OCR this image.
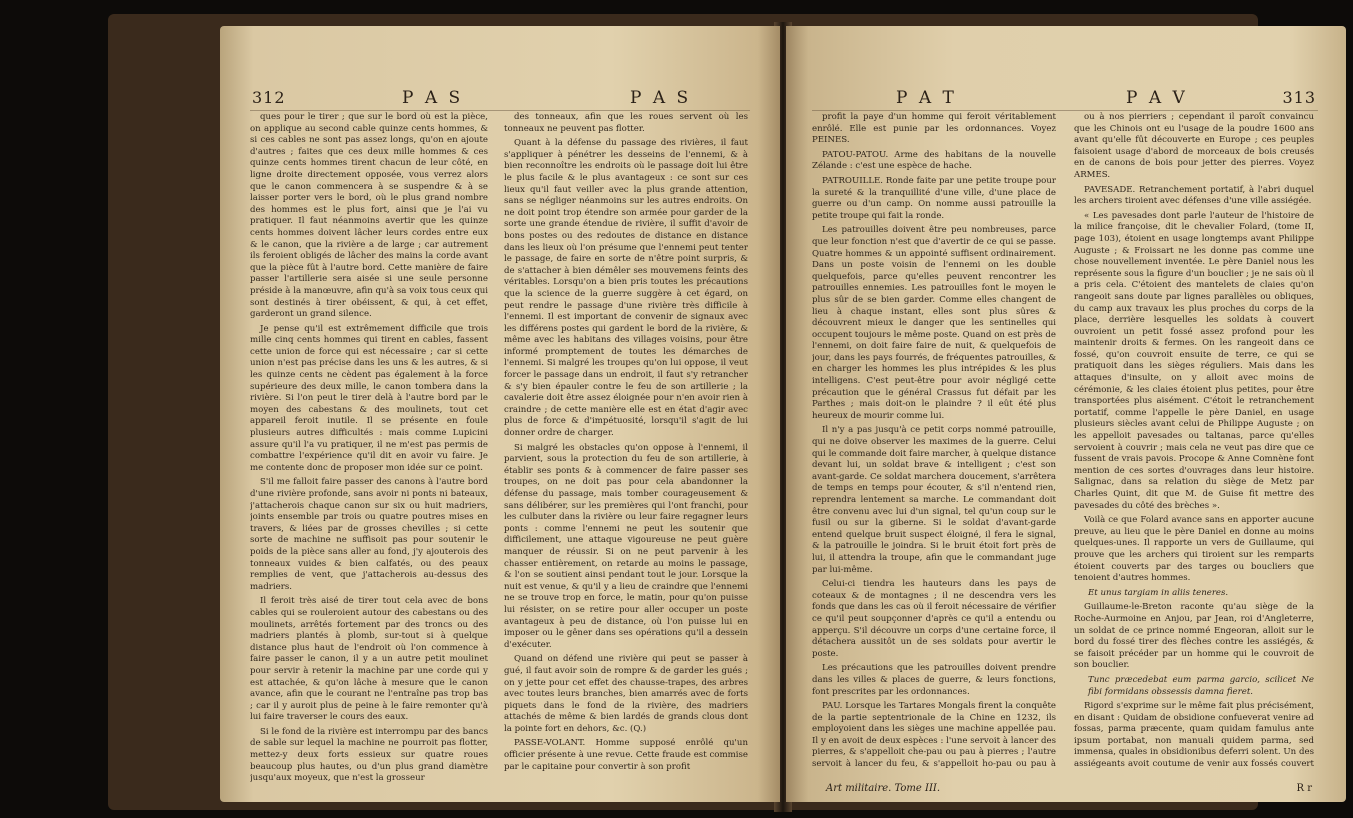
312	P A S	P A S

ques pour le tirer ; que sur le bord où est la pièce, on applique au second cable quinze cents hommes, & si ces cables ne sont pas assez longs, qu'on en ajoute d'autres ; faites que ces deux mille hommes & ces quinze cents hommes tirent chacun de leur côté, en ligne droite directement opposée, vous verrez alors que le canon commencera à se suspendre & à se laisser porter vers le bord, où le plus grand nombre des hommes est le plus fort, ainsi que je l'ai vu pratiquer. Il faut néanmoins avertir que les quinze cents hommes doivent lâcher leurs cordes entre eux & le canon, que la rivière a de large ; car autrement ils feroient obligés de lâcher des mains la corde avant que la pièce fût à l'autre bord. Cette manière de faire passer l'artillerie sera aisée si une seule personne préside à la manœuvre, afin qu'à sa voix tous ceux qui sont destinés à tirer obéissent, & qui, à cet effet, garderont un grand silence.

Je pense qu'il est extrêmement difficile que trois mille cinq cents hommes qui tirent en cables, fassent cette union de force qui est nécessaire ; car si cette union n'est pas précise dans les uns & les autres, & si les quinze cents ne cèdent pas également à la force supérieure des deux mille, le canon tombera dans la rivière. Si l'on peut le tirer delà à l'autre bord par le moyen des cabestans & des moulinets, tout cet appareil feroit inutile. Il se présente en foule plusieurs autres difficultés : mais comme Lupicini assure qu'il l'a vu pratiquer, il ne m'est pas permis de combattre l'expérience qu'il dit en avoir vu faire. Je me contente donc de proposer mon idée sur ce point.

S'il me falloit faire passer des canons à l'autre bord d'une rivière profonde, sans avoir ni ponts ni bateaux, j'attacherois chaque canon sur six ou huit madriers, joints ensemble par trois ou quatre poutres mises en travers, & liées par de grosses chevilles ; si cette sorte de machine ne suffisoit pas pour soutenir le poids de la pièce sans aller au fond, j'y ajouterois des tonneaux vuides & bien calfatés, ou des peaux remplies de vent, que j'attacherois au-dessus des madriers.

Il feroit très aisé de tirer tout cela avec de bons cables qui se rouleroient autour des cabestans ou des moulinets, arrêtés fortement par des troncs ou des madriers plantés à plomb, sur-tout si à quelque distance plus haut de l'endroit où l'on commence à faire passer le canon, il y a un autre petit moulinet pour servir à retenir la machine par une corde qui y est attachée, & qu'on lâche à mesure que le canon avance, afin que le courant ne l'entraîne pas trop bas ; car il y auroit plus de peine à le faire remonter qu'à lui faire traverser le cours des eaux.

Si le fond de la rivière est interrompu par des bancs de sable sur lequel la machine ne pourroit pas flotter, mettez-y deux forts essieux sur quatre roues beaucoup plus hautes, ou d'un plus grand diamètre jusqu'aux moyeux, que n'est la grosseur

des tonneaux, afin que les roues servent où les tonneaux ne peuvent pas flotter.

Quant à la défense du passage des rivières, il faut s'appliquer à pénétrer les desseins de l'ennemi, & à bien reconnoître les endroits où le passage doit lui être le plus facile & le plus avantageux : ce sont sur ces lieux qu'il faut veiller avec la plus grande attention, sans se négliger néanmoins sur les autres endroits. On ne doit point trop étendre son armée pour garder de la sorte une grande étendue de rivière, il suffit d'avoir de bons postes ou des redoutes de distance en distance dans les lieux où l'on présume que l'ennemi peut tenter le passage, de faire en sorte de n'être point surpris, & de s'attacher à bien démêler ses mouvemens feints des véritables. Lorsqu'on a bien pris toutes les précautions que la science de la guerre suggère à cet égard, on peut rendre le passage d'une rivière très difficile à l'ennemi. Il est important de convenir de signaux avec les différens postes qui gardent le bord de la rivière, & même avec les habitans des villages voisins, pour être informé promptement de toutes les démarches de l'ennemi. Si malgré les troupes qu'on lui oppose, il veut forcer le passage dans un endroit, il faut s'y retrancher & s'y bien épauler contre le feu de son artillerie ; la cavalerie doit être assez éloignée pour n'en avoir rien à craindre ; de cette manière elle est en état d'agir avec plus de force & d'impétuosité, lorsqu'il s'agit de lui donner ordre de charger.

Si malgré les obstacles qu'on oppose à l'ennemi, il parvient, sous la protection du feu de son artillerie, à établir ses ponts & à commencer de faire passer ses troupes, on ne doit pas pour cela abandonner la défense du passage, mais tomber courageusement & sans délibérer, sur les premières qui l'ont franchi, pour les culbuter dans la rivière ou leur faire regagner leurs ponts : comme l'ennemi ne peut les soutenir que difficilement, une attaque vigoureuse ne peut guère manquer de réussir. Si on ne peut parvenir à les chasser entièrement, on retarde au moins le passage, & l'on se soutient ainsi pendant tout le jour. Lorsque la nuit est venue, & qu'il y a lieu de craindre que l'ennemi ne se trouve trop en force, le matin, pour qu'on puisse lui résister, on se retire pour aller occuper un poste avantageux à peu de distance, où l'on puisse lui en imposer ou le gêner dans ses opérations qu'il a dessein d'exécuter.

Quand on défend une rivière qui peut se passer à gué, il faut avoir soin de rompre & de garder les gués ; on y jette pour cet effet des chausse-trapes, des arbres avec toutes leurs branches, bien amarrés avec de forts piquets dans le fond de la rivière, des madriers attachés de même & bien lardés de grands clous dont la pointe fort en dehors, &c. (Q.)

PASSE-VOLANT. Homme supposé enrôlé qu'un officier présente à une revue. Cette fraude est commise par le capitaine pour convertir à son profit

P A T	P A V	313

profit la paye d'un homme qui feroit véritablement enrôlé. Elle est punie par les ordonnances. Voyez PEINES.

PATOU-PATOU. Arme des habitans de la nouvelle Zélande : c'est une espèce de hache.

PATROUILLE. Ronde faite par une petite troupe pour la sureté & la tranquillité d'une ville, d'une place de guerre ou d'un camp. On nomme aussi patrouille la petite troupe qui fait la ronde.

Les patrouilles doivent être peu nombreuses, parce que leur fonction n'est que d'avertir de ce qui se passe. Quatre hommes & un appointé suffisent ordinairement. Dans un poste voisin de l'ennemi on les double quelquefois, parce qu'elles peuvent rencontrer les patrouilles ennemies. Les patrouilles font le moyen le plus sûr de se bien garder. Comme elles changent de lieu à chaque instant, elles sont plus sûres & découvrent mieux le danger que les sentinelles qui occupent toujours le même poste. Quand on est près de l'ennemi, on doit faire faire de nuit, & quelquefois de jour, dans les pays fourrés, de fréquentes patrouilles, & en charger les hommes les plus intrépides & les plus intelligens. C'est peut-être pour avoir négligé cette précaution que le général Crassus fut défait par les Parthes ; mais doit-on le plaindre ? il eût été plus heureux de mourir comme lui.

Il n'y a pas jusqu'à ce petit corps nommé patrouille, qui ne doive observer les maximes de la guerre. Celui qui le commande doit faire marcher, à quelque distance devant lui, un soldat brave & intelligent ; c'est son avant-garde. Ce soldat marchera doucement, s'arrêtera de temps en temps pour écouter, & s'il n'entend rien, reprendra lentement sa marche. Le commandant doit être convenu avec lui d'un signal, tel qu'un coup sur le fusil ou sur la giberne. Si le soldat d'avant-garde entend quelque bruit suspect éloigné, il fera le signal, & la patrouille le joindra. Si le bruit étoit fort près de lui, il attendra la troupe, afin que le commandant juge par lui-même.

Celui-ci tiendra les hauteurs dans les pays de coteaux & de montagnes ; il ne descendra vers les fonds que dans les cas où il feroit nécessaire de vérifier ce qu'il peut soupçonner d'après ce qu'il a entendu ou apperçu. S'il découvre un corps d'une certaine force, il détachera aussitôt un de ses soldats pour avertir le poste.

Les précautions que les patrouilles doivent prendre dans les villes & places de guerre, & leurs fonctions, font prescrites par les ordonnances.

PAU. Lorsque les Tartares Mongals firent la conquête de la partie septentrionale de la Chine en 1232, ils employoient dans les sièges une machine appellée pau. Il y en avoit de deux espèces : l'une servoit à lancer des pierres, & s'appelloit che-pau ou pau à pierres ; l'autre servoit à lancer du feu, & s'appelloit ho-pau ou pau à

ou à nos pierriers ; cependant il paroît convaincu que les Chinois ont eu l'usage de la poudre 1600 ans avant qu'elle fût découverte en Europe ; ces peuples faisoient usage d'abord de morceaux de bois creusés en de canons de bois pour jetter des pierres. Voyez ARMES.

PAVESADE. Retranchement portatif, à l'abri duquel les archers tiroient avec défenses d'une ville assiégée.

« Les pavesades dont parle l'auteur de l'histoire de la milice françoise, dit le chevalier Folard, (tome II, page 103), étoient en usage longtemps avant Philippe Auguste ; & Froissart ne les donne pas comme une chose nouvellement inventée. Le père Daniel nous les représente sous la figure d'un bouclier ; je ne sais où il a pris cela. C'étoient des mantelets de claies qu'on rangeoit sans doute par lignes parallèles ou obliques, du camp aux travaux les plus proches du corps de la place, derrière lesquelles les soldats à couvert ouvroient un petit fossé assez profond pour les maintenir droits & fermes. On les rangeoit dans ce fossé, qu'on couvroit ensuite de terre, ce qui se pratiquoit dans les sièges réguliers. Mais dans les attaques d'insulte, on y alloit avec moins de cérémonie, & les claies étoient plus petites, pour être transportées plus aisément. C'étoit le retranchement portatif, comme l'appelle le père Daniel, en usage plusieurs siècles avant celui de Philippe Auguste ; on les appelloit pavesades ou taltanas, parce qu'elles servoient à couvrir ; mais cela ne veut pas dire que ce fussent de vrais pavois. Procope & Anne Comnène font mention de ces sortes d'ouvrages dans leur histoire. Salignac, dans sa relation du siège de Metz par Charles Quint, dit que M. de Guise fit mettre des pavesades du côté des brèches ».

Voilà ce que Folard avance sans en apporter aucune preuve, au lieu que le père Daniel en donne au moins quelques-unes. Il rapporte un vers de Guillaume, qui prouve que les archers qui tiroient sur les remparts étoient couverts par des targes ou boucliers que tenoient d'autres hommes.

Et unus targiam in aliis teneres.

Guillaume-le-Breton raconte qu'au siège de la Roche-Aurmoine en Anjou, par Jean, roi d'Angleterre, un soldat de ce prince nommé Engeoran, alloit sur le bord du fossé tirer des flèches contre les assiégés, & se faisoit précéder par un homme qui le couvroit de son bouclier.

Tunc præcedebat eum parma garcio, scilicet Ne fibi formidans obssessis damna fieret.

Rigord s'exprime sur le même fait plus précisément, en disant : Quidam de obsidione confueverat venire ad fossas, parma præcente, quam quidam famulus ante ipsum portabat, non manuali quidem parma, sed immensa, quales in obsidionibus deferri solent. Un des assiégeants avoit coutume de venir aux fossés couvert

Art militaire. Tome III.	R r
